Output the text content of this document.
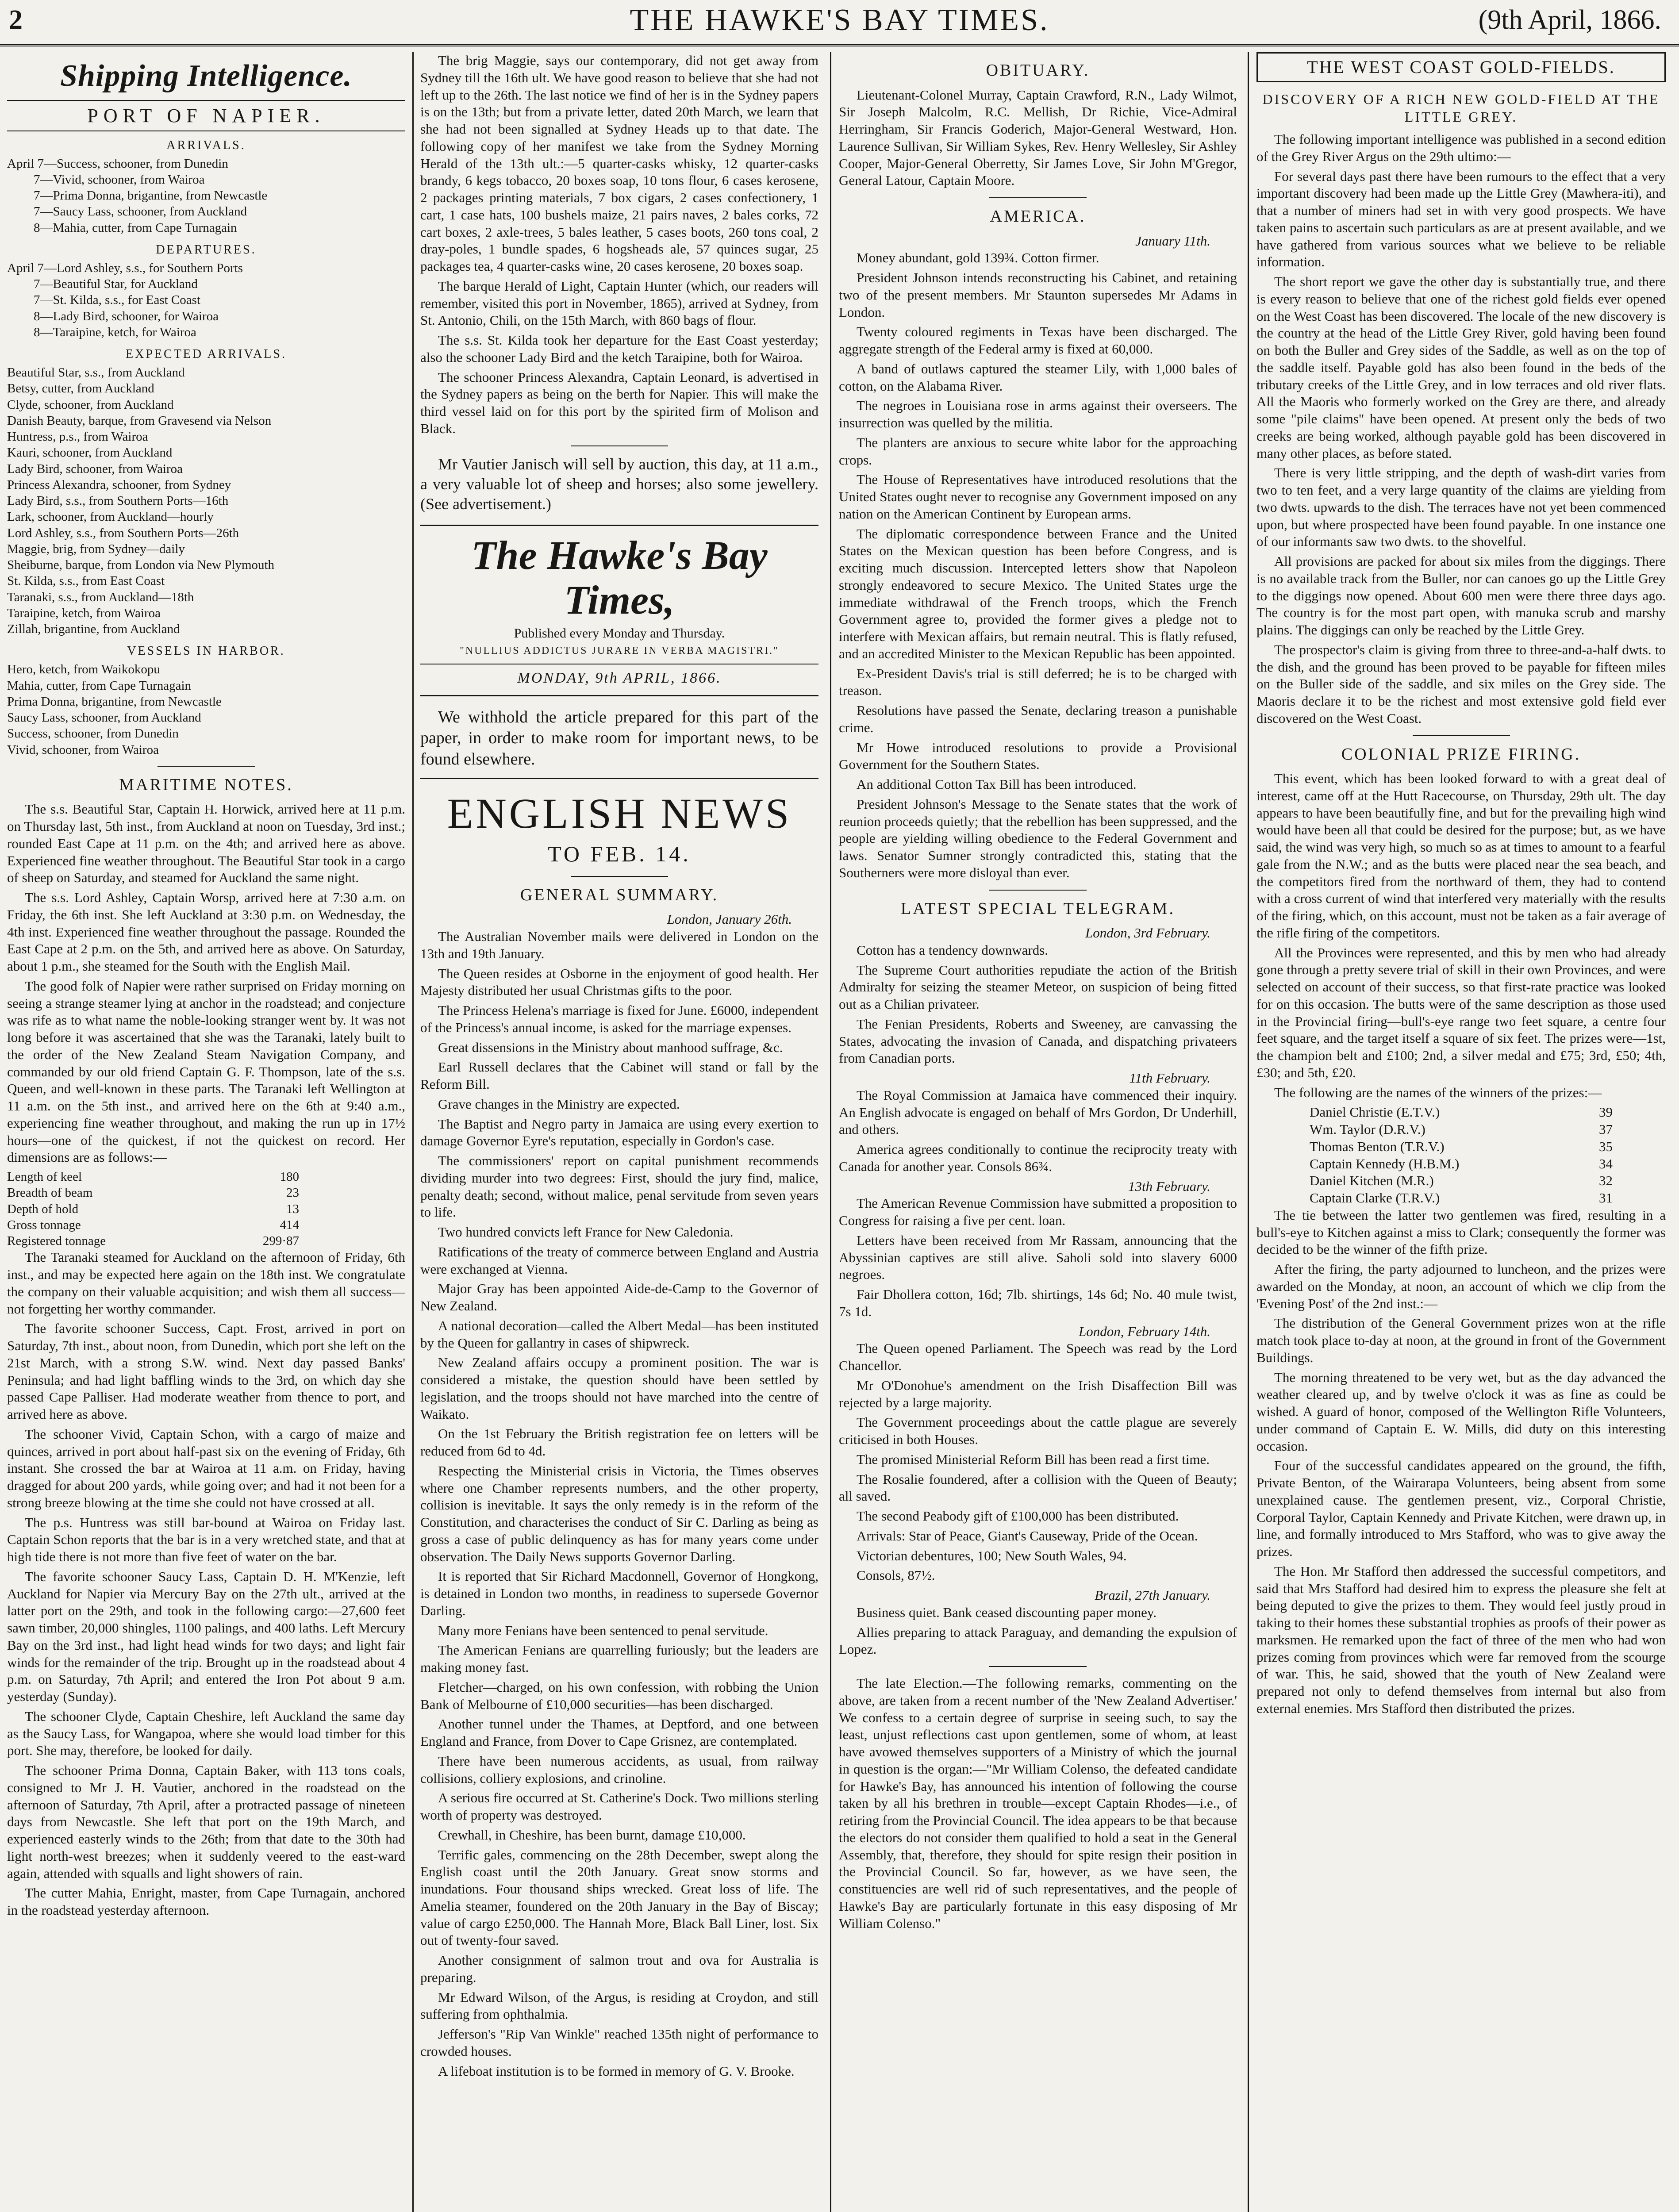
2	THE HAWKE'S BAY TIMES.	(9th April, 1866.
Shipping Intelligence.
PORT OF NAPIER.
ARRIVALS.
April 7—Success, schooner, from Dunedin
7—Vivid, schooner, from Wairoa
7—Prima Donna, brigantine, from Newcastle
7—Saucy Lass, schooner, from Auckland
8—Mahia, cutter, from Cape Turnagain
DEPARTURES.
April 7—Lord Ashley, s.s., for Southern Ports
7—Beautiful Star, for Auckland
7—St. Kilda, s.s., for East Coast
8—Lady Bird, schooner, for Wairoa
8—Taraipine, ketch, for Wairoa
EXPECTED ARRIVALS.
Beautiful Star, s.s., from Auckland
Betsy, cutter, from Auckland
Clyde, schooner, from Auckland
Danish Beauty, barque, from Gravesend via Nelson
Huntress, p.s., from Wairoa
Kauri, schooner, from Auckland
Lady Bird, schooner, from Wairoa
Princess Alexandra, schooner, from Sydney
Lady Bird, s.s., from Southern Ports—16th
Lark, schooner, from Auckland—hourly
Lord Ashley, s.s., from Southern Ports—26th
Maggie, brig, from Sydney—daily
Sheiburne, barque, from London via New Plymouth
St. Kilda, s.s., from East Coast
Taranaki, s.s., from Auckland—18th
Taraipine, ketch, from Wairoa
Zillah, brigantine, from Auckland
VESSELS IN HARBOR.
Hero, ketch, from Waikokopu
Mahia, cutter, from Cape Turnagain
Prima Donna, brigantine, from Newcastle
Saucy Lass, schooner, from Auckland
Success, schooner, from Dunedin
Vivid, schooner, from Wairoa
MARITIME NOTES.

The s.s. Beautiful Star, Captain H. Horwick, arrived here at 11 p.m. on Thursday last, 5th inst., from Auckland at noon on Tuesday, 3rd inst.; rounded East Cape at 11 p.m. on the 4th; and arrived here as above. Experienced fine weather throughout. The Beautiful Star took in a cargo of sheep on Saturday, and steamed for Auckland the same night.

The s.s. Lord Ashley, Captain Worsp, arrived here at 7:30 a.m. on Friday, the 6th inst. She left Auckland at 3:30 p.m. on Wednesday, the 4th inst. Experienced fine weather throughout the passage. Rounded the East Cape at 2 p.m. on the 5th, and arrived here as above. On Saturday, about 1 p.m., she steamed for the South with the English Mail.

The good folk of Napier were rather surprised on Friday morning on seeing a strange steamer lying at anchor in the roadstead; and conjecture was rife as to what name the noble-looking stranger went by. It was not long before it was ascertained that she was the Taranaki, lately built to the order of the New Zealand Steam Navigation Company, and commanded by our old friend Captain G. F. Thompson, late of the s.s. Queen, and well-known in these parts. The Taranaki left Wellington at 11 a.m. on the 5th inst., and arrived here on the 6th at 9:40 a.m., experiencing fine weather throughout, and making the run up in 17½ hours—one of the quickest, if not the quickest on record. Her dimensions are as follows:—

Length of keel	180
Breadth of beam	23
Depth of hold	13
Gross tonnage	414
Registered tonnage	299·87

The Taranaki steamed for Auckland on the afternoon of Friday, 6th inst., and may be expected here again on the 18th inst. We congratulate the company on their valuable acquisition; and wish them all success—not forgetting her worthy commander.

The favorite schooner Success, Capt. Frost, arrived in port on Saturday, 7th inst., about noon, from Dunedin, which port she left on the 21st March, with a strong S.W. wind. Next day passed Banks' Peninsula; and had light baffling winds to the 3rd, on which day she passed Cape Palliser. Had moderate weather from thence to port, and arrived here as above.

The schooner Vivid, Captain Schon, with a cargo of maize and quinces, arrived in port about half-past six on the evening of Friday, 6th instant. She crossed the bar at Wairoa at 11 a.m. on Friday, having dragged for about 200 yards, while going over; and had it not been for a strong breeze blowing at the time she could not have crossed at all.

The p.s. Huntress was still bar-bound at Wairoa on Friday last. Captain Schon reports that the bar is in a very wretched state, and that at high tide there is not more than five feet of water on the bar.

The favorite schooner Saucy Lass, Captain D. H. M'Kenzie, left Auckland for Napier via Mercury Bay on the 27th ult., arrived at the latter port on the 29th, and took in the following cargo:—27,600 feet sawn timber, 20,000 shingles, 1100 palings, and 400 laths. Left Mercury Bay on the 3rd inst., had light head winds for two days; and light fair winds for the remainder of the trip. Brought up in the roadstead about 4 p.m. on Saturday, 7th April; and entered the Iron Pot about 9 a.m. yesterday (Sunday).

The schooner Clyde, Captain Cheshire, left Auckland the same day as the Saucy Lass, for Wangapoa, where she would load timber for this port. She may, therefore, be looked for daily.

The schooner Prima Donna, Captain Baker, with 113 tons coals, consigned to Mr J. H. Vautier, anchored in the roadstead on the afternoon of Saturday, 7th April, after a protracted passage of nineteen days from Newcastle. She left that port on the 19th March, and experienced easterly winds to the 26th; from that date to the 30th had light north-west breezes; when it suddenly veered to the east-ward again, attended with squalls and light showers of rain.

The cutter Mahia, Enright, master, from Cape Turnagain, anchored in the roadstead yesterday afternoon.

The brig Maggie, says our contemporary, did not get away from Sydney till the 16th ult. We have good reason to believe that she had not left up to the 26th. The last notice we find of her is in the Sydney papers is on the 13th; but from a private letter, dated 20th March, we learn that she had not been signalled at Sydney Heads up to that date. The following copy of her manifest we take from the Sydney Morning Herald of the 13th ult.:—5 quarter-casks whisky, 12 quarter-casks brandy, 6 kegs tobacco, 20 boxes soap, 10 tons flour, 6 cases kerosene, 2 packages printing materials, 7 box cigars, 2 cases confectionery, 1 cart, 1 case hats, 100 bushels maize, 21 pairs naves, 2 bales corks, 72 cart boxes, 2 axle-trees, 5 bales leather, 5 cases boots, 260 tons coal, 2 dray-poles, 1 bundle spades, 6 hogsheads ale, 57 quinces sugar, 25 packages tea, 4 quarter-casks wine, 20 cases kerosene, 20 boxes soap.

The barque Herald of Light, Captain Hunter (which, our readers will remember, visited this port in November, 1865), arrived at Sydney, from St. Antonio, Chili, on the 15th March, with 860 bags of flour.

The s.s. St. Kilda took her departure for the East Coast yesterday; also the schooner Lady Bird and the ketch Taraipine, both for Wairoa.

The schooner Princess Alexandra, Captain Leonard, is advertised in the Sydney papers as being on the berth for Napier. This will make the third vessel laid on for this port by the spirited firm of Molison and Black.

Mr Vautier Janisch will sell by auction, this day, at 11 a.m., a very valuable lot of sheep and horses; also some jewellery. (See advertisement.)

The Hawke's Bay Times,
Published every Monday and Thursday.
"NULLIUS ADDICTUS JURARE IN VERBA MAGISTRI."
MONDAY, 9th APRIL, 1866.

We withhold the article prepared for this part of the paper, in order to make room for important news, to be found elsewhere.

ENGLISH NEWS
TO FEB. 14.
GENERAL SUMMARY.
London, January 26th.

The Australian November mails were delivered in London on the 13th and 19th January.

The Queen resides at Osborne in the enjoyment of good health. Her Majesty distributed her usual Christmas gifts to the poor.

The Princess Helena's marriage is fixed for June. £6000, independent of the Princess's annual income, is asked for the marriage expenses.

Great dissensions in the Ministry about manhood suffrage, &c.

Earl Russell declares that the Cabinet will stand or fall by the Reform Bill.

Grave changes in the Ministry are expected.

The Baptist and Negro party in Jamaica are using every exertion to damage Governor Eyre's reputation, especially in Gordon's case.

The commissioners' report on capital punishment recommends dividing murder into two degrees: First, should the jury find, malice, penalty death; second, without malice, penal servitude from seven years to life.

Two hundred convicts left France for New Caledonia.

Ratifications of the treaty of commerce between England and Austria were exchanged at Vienna.

Major Gray has been appointed Aide-de-Camp to the Governor of New Zealand.

A national decoration—called the Albert Medal—has been instituted by the Queen for gallantry in cases of shipwreck.

New Zealand affairs occupy a prominent position. The war is considered a mistake, the question should have been settled by legislation, and the troops should not have marched into the centre of Waikato.

On the 1st February the British registration fee on letters will be reduced from 6d to 4d.

Respecting the Ministerial crisis in Victoria, the Times observes where one Chamber represents numbers, and the other property, collision is inevitable. It says the only remedy is in the reform of the Constitution, and characterises the conduct of Sir C. Darling as being as gross a case of public delinquency as has for many years come under observation. The Daily News supports Governor Darling.

It is reported that Sir Richard Macdonnell, Governor of Hongkong, is detained in London two months, in readiness to supersede Governor Darling.

Many more Fenians have been sentenced to penal servitude.

The American Fenians are quarrelling furiously; but the leaders are making money fast.

Fletcher—charged, on his own confession, with robbing the Union Bank of Melbourne of £10,000 securities—has been discharged.

Another tunnel under the Thames, at Deptford, and one between England and France, from Dover to Cape Grisnez, are contemplated.

There have been numerous accidents, as usual, from railway collisions, colliery explosions, and crinoline.

A serious fire occurred at St. Catherine's Dock. Two millions sterling worth of property was destroyed.

Crewhall, in Cheshire, has been burnt, damage £10,000.

Terrific gales, commencing on the 28th December, swept along the English coast until the 20th January. Great snow storms and inundations. Four thousand ships wrecked. Great loss of life. The Amelia steamer, foundered on the 20th January in the Bay of Biscay; value of cargo £250,000. The Hannah More, Black Ball Liner, lost. Six out of twenty-four saved.

Another consignment of salmon trout and ova for Australia is preparing.

Mr Edward Wilson, of the Argus, is residing at Croydon, and still suffering from ophthalmia.

Jefferson's "Rip Van Winkle" reached 135th night of performance to crowded houses.

A lifeboat institution is to be formed in memory of G. V. Brooke.

OBITUARY.

Lieutenant-Colonel Murray, Captain Crawford, R.N., Lady Wilmot, Sir Joseph Malcolm, R.C. Mellish, Dr Richie, Vice-Admiral Herringham, Sir Francis Goderich, Major-General Westward, Hon. Laurence Sullivan, Sir William Sykes, Rev. Henry Wellesley, Sir Ashley Cooper, Major-General Oberretty, Sir James Love, Sir John M'Gregor, General Latour, Captain Moore.

AMERICA.
January 11th.

Money abundant, gold 139¾. Cotton firmer.

President Johnson intends reconstructing his Cabinet, and retaining two of the present members. Mr Staunton supersedes Mr Adams in London.

Twenty coloured regiments in Texas have been discharged. The aggregate strength of the Federal army is fixed at 60,000.

A band of outlaws captured the steamer Lily, with 1,000 bales of cotton, on the Alabama River.

The negroes in Louisiana rose in arms against their overseers. The insurrection was quelled by the militia.

The planters are anxious to secure white labor for the approaching crops.

The House of Representatives have introduced resolutions that the United States ought never to recognise any Government imposed on any nation on the American Continent by European arms.

The diplomatic correspondence between France and the United States on the Mexican question has been before Congress, and is exciting much discussion. Intercepted letters show that Napoleon strongly endeavored to secure Mexico. The United States urge the immediate withdrawal of the French troops, which the French Government agree to, provided the former gives a pledge not to interfere with Mexican affairs, but remain neutral. This is flatly refused, and an accredited Minister to the Mexican Republic has been appointed.

Ex-President Davis's trial is still deferred; he is to be charged with treason.

Resolutions have passed the Senate, declaring treason a punishable crime.

Mr Howe introduced resolutions to provide a Provisional Government for the Southern States.

An additional Cotton Tax Bill has been introduced.

President Johnson's Message to the Senate states that the work of reunion proceeds quietly; that the rebellion has been suppressed, and the people are yielding willing obedience to the Federal Government and laws. Senator Sumner strongly contradicted this, stating that the Southerners were more disloyal than ever.

LATEST SPECIAL TELEGRAM.
London, 3rd February.

Cotton has a tendency downwards.

The Supreme Court authorities repudiate the action of the British Admiralty for seizing the steamer Meteor, on suspicion of being fitted out as a Chilian privateer.

The Fenian Presidents, Roberts and Sweeney, are canvassing the States, advocating the invasion of Canada, and dispatching privateers from Canadian ports.

11th February.

The Royal Commission at Jamaica have commenced their inquiry. An English advocate is engaged on behalf of Mrs Gordon, Dr Underhill, and others.

America agrees conditionally to continue the reciprocity treaty with Canada for another year. Consols 86¾.

13th February.

The American Revenue Commission have submitted a proposition to Congress for raising a five per cent. loan.

Letters have been received from Mr Rassam, announcing that the Abyssinian captives are still alive. Saholi sold into slavery 6000 negroes.

Fair Dhollera cotton, 16d; 7lb. shirtings, 14s 6d; No. 40 mule twist, 7s 1d.

London, February 14th.

The Queen opened Parliament. The Speech was read by the Lord Chancellor.

Mr O'Donohue's amendment on the Irish Disaffection Bill was rejected by a large majority.

The Government proceedings about the cattle plague are severely criticised in both Houses.

The promised Ministerial Reform Bill has been read a first time.

The Rosalie foundered, after a collision with the Queen of Beauty; all saved.

The second Peabody gift of £100,000 has been distributed.

Arrivals: Star of Peace, Giant's Causeway, Pride of the Ocean.

Victorian debentures, 100; New South Wales, 94.

Consols, 87½.

Brazil, 27th January.

Business quiet. Bank ceased discounting paper money.

Allies preparing to attack Paraguay, and demanding the expulsion of Lopez.

The late Election.—The following remarks, commenting on the above, are taken from a recent number of the 'New Zealand Advertiser.' We confess to a certain degree of surprise in seeing such, to say the least, unjust reflections cast upon gentlemen, some of whom, at least have avowed themselves supporters of a Ministry of which the journal in question is the organ:—"Mr William Colenso, the defeated candidate for Hawke's Bay, has announced his intention of following the course taken by all his brethren in trouble—except Captain Rhodes—i.e., of retiring from the Provincial Council. The idea appears to be that because the electors do not consider them qualified to hold a seat in the General Assembly, that, therefore, they should for spite resign their position in the Provincial Council. So far, however, as we have seen, the constituencies are well rid of such representatives, and the people of Hawke's Bay are particularly fortunate in this easy disposing of Mr William Colenso."

THE WEST COAST GOLD-FIELDS.
DISCOVERY OF A RICH NEW GOLD-FIELD AT THE LITTLE GREY.

The following important intelligence was published in a second edition of the Grey River Argus on the 29th ultimo:—

For several days past there have been rumours to the effect that a very important discovery had been made up the Little Grey (Mawhera-iti), and that a number of miners had set in with very good prospects. We have taken pains to ascertain such particulars as are at present available, and we have gathered from various sources what we believe to be reliable information.

The short report we gave the other day is substantially true, and there is every reason to believe that one of the richest gold fields ever opened on the West Coast has been discovered. The locale of the new discovery is the country at the head of the Little Grey River, gold having been found on both the Buller and Grey sides of the Saddle, as well as on the top of the saddle itself. Payable gold has also been found in the beds of the tributary creeks of the Little Grey, and in low terraces and old river flats. All the Maoris who formerly worked on the Grey are there, and already some "pile claims" have been opened. At present only the beds of two creeks are being worked, although payable gold has been discovered in many other places, as before stated.

There is very little stripping, and the depth of wash-dirt varies from two to ten feet, and a very large quantity of the claims are yielding from two dwts. upwards to the dish. The terraces have not yet been commenced upon, but where prospected have been found payable. In one instance one of our informants saw two dwts. to the shovelful.

All provisions are packed for about six miles from the diggings. There is no available track from the Buller, nor can canoes go up the Little Grey to the diggings now opened. About 600 men were there three days ago. The country is for the most part open, with manuka scrub and marshy plains. The diggings can only be reached by the Little Grey.

The prospector's claim is giving from three to three-and-a-half dwts. to the dish, and the ground has been proved to be payable for fifteen miles on the Buller side of the saddle, and six miles on the Grey side. The Maoris declare it to be the richest and most extensive gold field ever discovered on the West Coast.

COLONIAL PRIZE FIRING.

This event, which has been looked forward to with a great deal of interest, came off at the Hutt Racecourse, on Thursday, 29th ult. The day appears to have been beautifully fine, and but for the prevailing high wind would have been all that could be desired for the purpose; but, as we have said, the wind was very high, so much so as at times to amount to a fearful gale from the N.W.; and as the butts were placed near the sea beach, and the competitors fired from the northward of them, they had to contend with a cross current of wind that interfered very materially with the results of the firing, which, on this account, must not be taken as a fair average of the rifle firing of the competitors.

All the Provinces were represented, and this by men who had already gone through a pretty severe trial of skill in their own Provinces, and were selected on account of their success, so that first-rate practice was looked for on this occasion. The butts were of the same description as those used in the Provincial firing—bull's-eye range two feet square, a centre four feet square, and the target itself a square of six feet. The prizes were—1st, the champion belt and £100; 2nd, a silver medal and £75; 3rd, £50; 4th, £30; and 5th, £20.

The following are the names of the winners of the prizes:—

Daniel Christie (E.T.V.)	39
Wm. Taylor (D.R.V.)	37
Thomas Benton (T.R.V.)	35
Captain Kennedy (H.B.M.)	34
Daniel Kitchen (M.R.)	32
Captain Clarke (T.R.V.)	31

The tie between the latter two gentlemen was fired, resulting in a bull's-eye to Kitchen against a miss to Clark; consequently the former was decided to be the winner of the fifth prize.

After the firing, the party adjourned to luncheon, and the prizes were awarded on the Monday, at noon, an account of which we clip from the 'Evening Post' of the 2nd inst.:—

The distribution of the General Government prizes won at the rifle match took place to-day at noon, at the ground in front of the Government Buildings.

The morning threatened to be very wet, but as the day advanced the weather cleared up, and by twelve o'clock it was as fine as could be wished. A guard of honor, composed of the Wellington Rifle Volunteers, under command of Captain E. W. Mills, did duty on this interesting occasion.

Four of the successful candidates appeared on the ground, the fifth, Private Benton, of the Wairarapa Volunteers, being absent from some unexplained cause. The gentlemen present, viz., Corporal Christie, Corporal Taylor, Captain Kennedy and Private Kitchen, were drawn up, in line, and formally introduced to Mrs Stafford, who was to give away the prizes.

The Hon. Mr Stafford then addressed the successful competitors, and said that Mrs Stafford had desired him to express the pleasure she felt at being deputed to give the prizes to them. They would feel justly proud in taking to their homes these substantial trophies as proofs of their power as marksmen. He remarked upon the fact of three of the men who had won prizes coming from provinces which were far removed from the scourge of war. This, he said, showed that the youth of New Zealand were prepared not only to defend themselves from internal but also from external enemies. Mrs Stafford then distributed the prizes.
